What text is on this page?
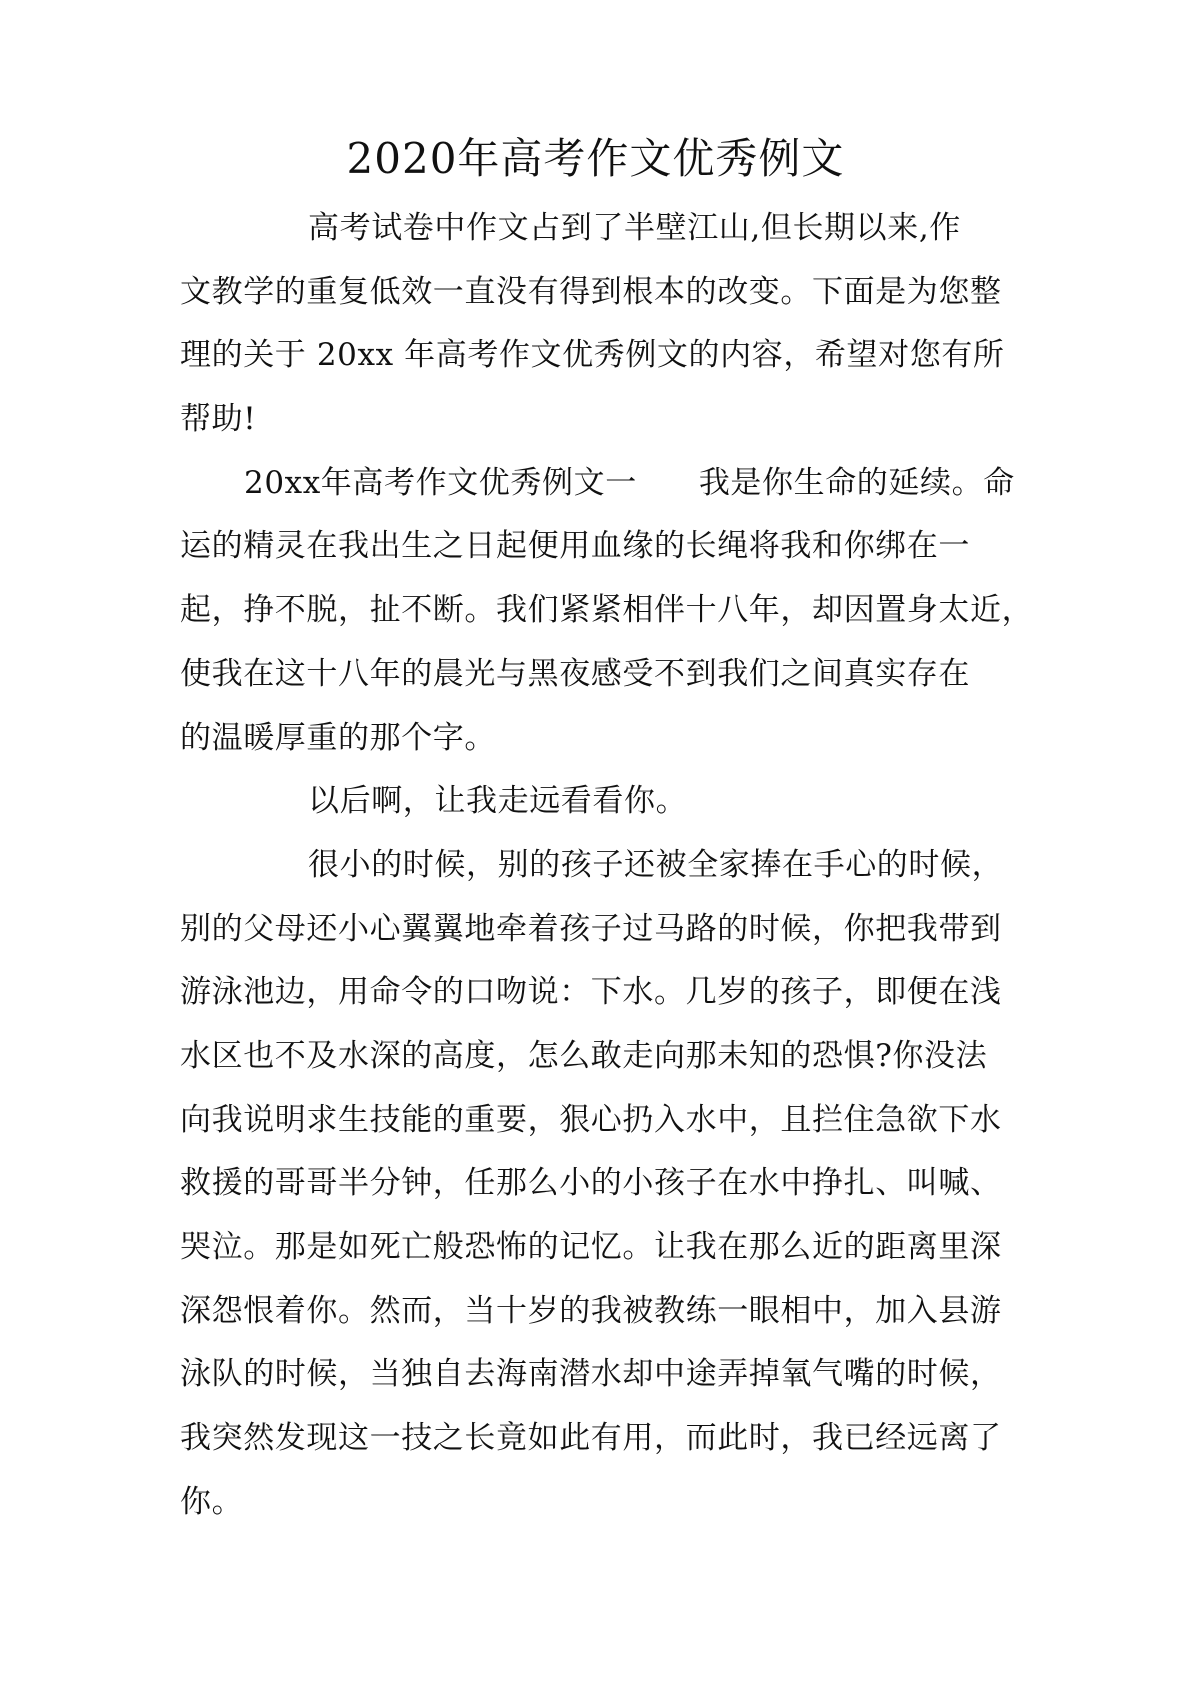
2020年高考作文优秀例文
高考试卷中作文占到了半壁江山,但长期以来,作
文教学的重复低效一直没有得到根本的改变。下面是为您整
理的关于 20xx 年高考作文优秀例文的内容，希望对您有所
帮助!
20xx年高考作文优秀例文一 我是你生命的延续。命
运的精灵在我出生之日起便用血缘的长绳将我和你绑在一
起，挣不脱，扯不断。我们紧紧相伴十八年，却因置身太近，
使我在这十八年的晨光与黑夜感受不到我们之间真实存在
的温暖厚重的那个字。
以后啊，让我走远看看你。
很小的时候，别的孩子还被全家捧在手心的时候，
别的父母还小心翼翼地牵着孩子过马路的时候，你把我带到
游泳池边，用命令的口吻说：下水。几岁的孩子，即便在浅
水区也不及水深的高度，怎么敢走向那未知的恐惧?你没法
向我说明求生技能的重要，狠心扔入水中，且拦住急欲下水
救援的哥哥半分钟，任那么小的小孩子在水中挣扎、叫喊、
哭泣。那是如死亡般恐怖的记忆。让我在那么近的距离里深
深怨恨着你。然而，当十岁的我被教练一眼相中，加入县游
泳队的时候，当独自去海南潜水却中途弄掉氧气嘴的时候，
我突然发现这一技之长竟如此有用，而此时，我已经远离了
你。
